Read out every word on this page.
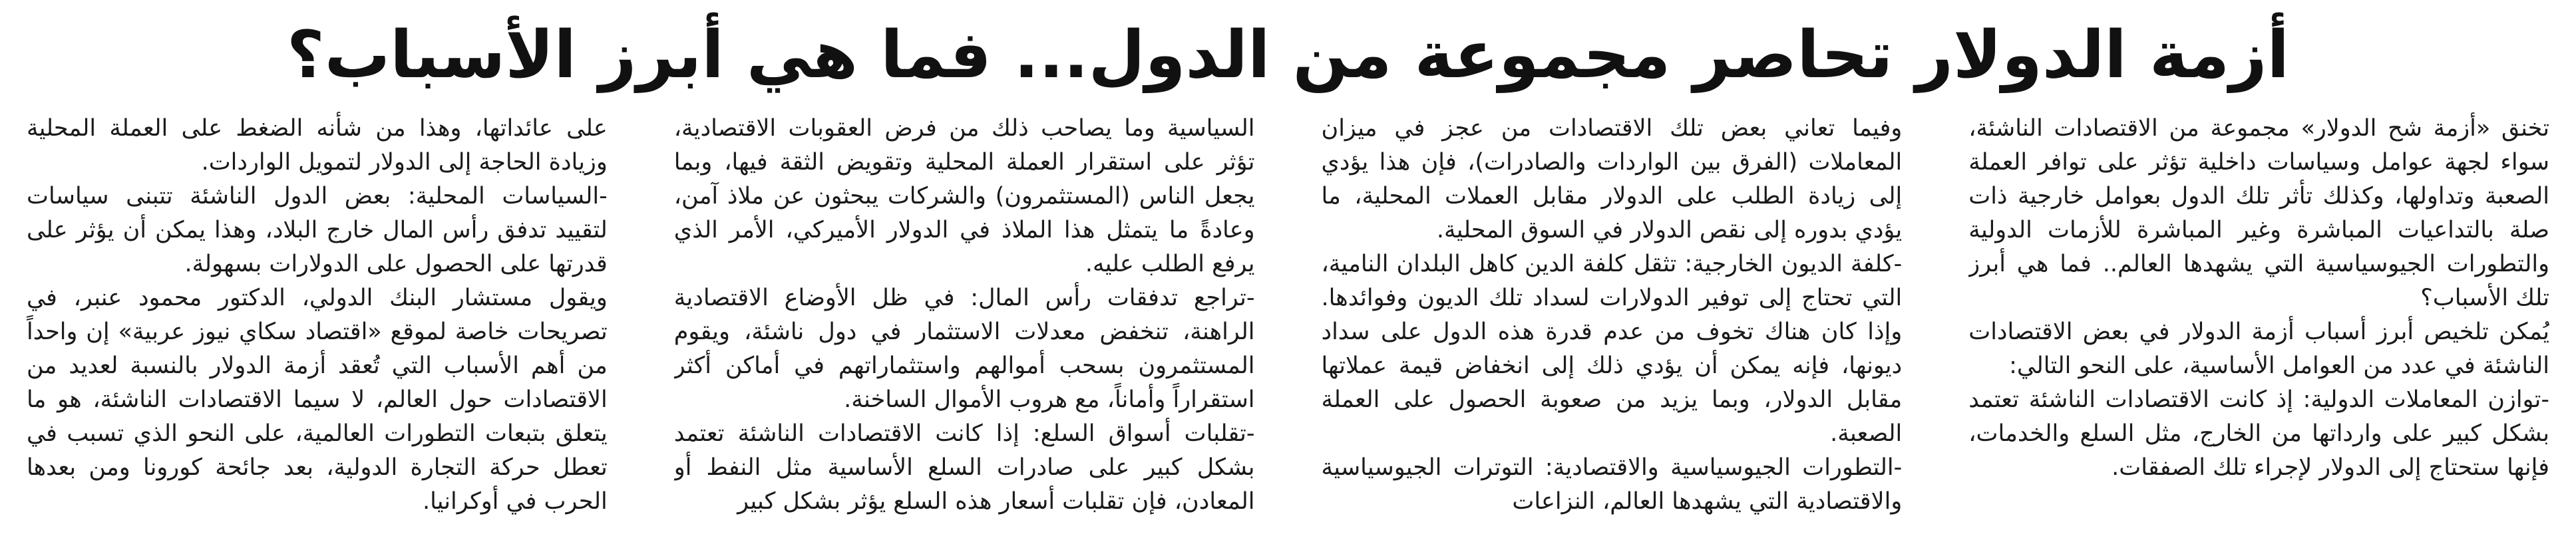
أزمة الدولار تحاصر مجموعة من الدول... فما هي أبرز الأسباب؟

تخنق «أزمة شح الدولار» مجموعة من الاقتصادات الناشئة، سواء لجهة عوامل وسياسات داخلية تؤثر على توافر العملة الصعبة وتداولها، وكذلك تأثر تلك الدول بعوامل خارجية ذات صلة بالتداعيات المباشرة وغير المباشرة للأزمات الدولية والتطورات الجيوسياسية التي يشهدها العالم.. فما هي أبرز تلك الأسباب؟

يُمكن تلخيص أبرز أسباب أزمة الدولار في بعض الاقتصادات الناشئة في عدد من العوامل الأساسية، على النحو التالي:

-توازن المعاملات الدولية: إذ كانت الاقتصادات الناشئة تعتمد بشكل كبير على وارداتها من الخارج، مثل السلع والخدمات، فإنها ستحتاج إلى الدولار لإجراء تلك الصفقات.

وفيما تعاني بعض تلك الاقتصادات من عجز في ميزان المعاملات (الفرق بين الواردات والصادرات)، فإن هذا يؤدي إلى زيادة الطلب على الدولار مقابل العملات المحلية، ما يؤدي بدوره إلى نقص الدولار في السوق المحلية.

-كلفة الديون الخارجية: تثقل كلفة الدين كاهل البلدان النامية، التي تحتاج إلى توفير الدولارات لسداد تلك الديون وفوائدها. وإذا كان هناك تخوف من عدم قدرة هذه الدول على سداد ديونها، فإنه يمكن أن يؤدي ذلك إلى انخفاض قيمة عملاتها مقابل الدولار، وبما يزيد من صعوبة الحصول على العملة الصعبة.

-التطورات الجيوسياسية والاقتصادية: التوترات الجيوسياسية والاقتصادية التي يشهدها العالم، النزاعات

السياسية وما يصاحب ذلك من فرض العقوبات الاقتصادية، تؤثر على استقرار العملة المحلية وتقويض الثقة فيها، وبما يجعل الناس (المستثمرون) والشركات يبحثون عن ملاذ آمن، وعادةً ما يتمثل هذا الملاذ في الدولار الأميركي، الأمر الذي يرفع الطلب عليه.

-تراجع تدفقات رأس المال: في ظل الأوضاع الاقتصادية الراهنة، تنخفض معدلات الاستثمار في دول ناشئة، ويقوم المستثمرون بسحب أموالهم واستثماراتهم في أماكن أكثر استقراراً وأماناً، مع هروب الأموال الساخنة.

-تقلبات أسواق السلع: إذا كانت الاقتصادات الناشئة تعتمد بشكل كبير على صادرات السلع الأساسية مثل النفط أو المعادن، فإن تقلبات أسعار هذه السلع يؤثر بشكل كبير

على عائداتها، وهذا من شأنه الضغط على العملة المحلية وزيادة الحاجة إلى الدولار لتمويل الواردات.

-السياسات المحلية: بعض الدول الناشئة تتبنى سياسات لتقييد تدفق رأس المال خارج البلاد، وهذا يمكن أن يؤثر على قدرتها على الحصول على الدولارات بسهولة.

ويقول مستشار البنك الدولي، الدكتور محمود عنبر، في تصريحات خاصة لموقع «اقتصاد سكاي نيوز عربية» إن واحداً من أهم الأسباب التي تُعقد أزمة الدولار بالنسبة لعديد من الاقتصادات حول العالم، لا سيما الاقتصادات الناشئة، هو ما يتعلق بتبعات التطورات العالمية، على النحو الذي تسبب في تعطل حركة التجارة الدولية، بعد جائحة كورونا ومن بعدها الحرب في أوكرانيا.
